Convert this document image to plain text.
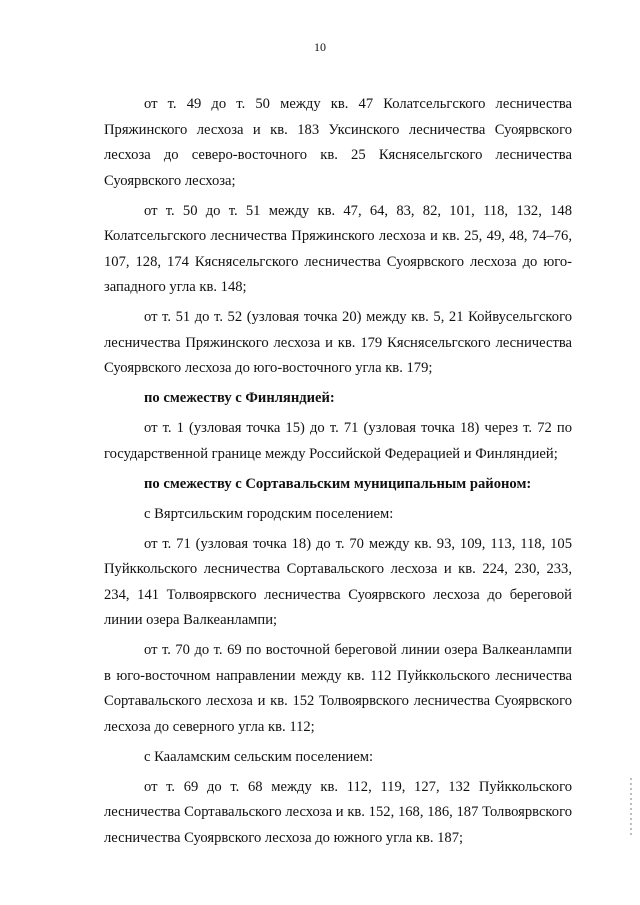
10

от т. 49 до т. 50 между кв. 47 Колатсельгского лесничества Пряжинского лесхоза и кв. 183 Уксинского лесничества Суоярвского лесхоза до северо-восточного кв. 25 Кяснясельгского лесничества Суоярвского лесхоза;

от т. 50 до т. 51 между кв. 47, 64, 83, 82, 101, 118, 132, 148 Колатсельгского лесничества Пряжинского лесхоза и кв. 25, 49, 48, 74–76, 107, 128, 174 Кяснясельгского лесничества Суоярвского лесхоза до юго-западного угла кв. 148;

от т. 51 до т. 52 (узловая точка 20) между кв. 5, 21 Койвусельгского лесничества Пряжинского лесхоза и кв. 179 Кяснясельгского лесничества Суоярвского лесхоза до юго-восточного угла кв. 179;

по смежеству с Финляндией:

от т. 1 (узловая точка 15) до т. 71 (узловая точка 18) через т. 72 по государственной границе между Российской Федерацией и Финляндией;

по смежеству с Сортавальским муниципальным районом:

с Вяртсильским городским поселением:

от т. 71 (узловая точка 18) до т. 70 между кв. 93, 109, 113, 118, 105 Пуйккольского лесничества Сортавальского лесхоза и кв. 224, 230, 233, 234, 141 Толвоярвского лесничества Суоярвского лесхоза до береговой линии озера Валкеанлампи;

от т. 70 до т. 69 по восточной береговой линии озера Валкеанлампи в юго-восточном направлении между кв. 112 Пуйккольского лесничества Сортавальского лесхоза и кв. 152 Толвоярвского лесничества Суоярвского лесхоза до северного угла кв. 112;

с Кааламским сельским поселением:

от т. 69 до т. 68 между кв. 112, 119, 127, 132 Пуйккольского лесничества Сортавальского лесхоза и кв. 152, 168, 186, 187 Толвоярвского лесничества Суоярвского лесхоза до южного угла кв. 187;
